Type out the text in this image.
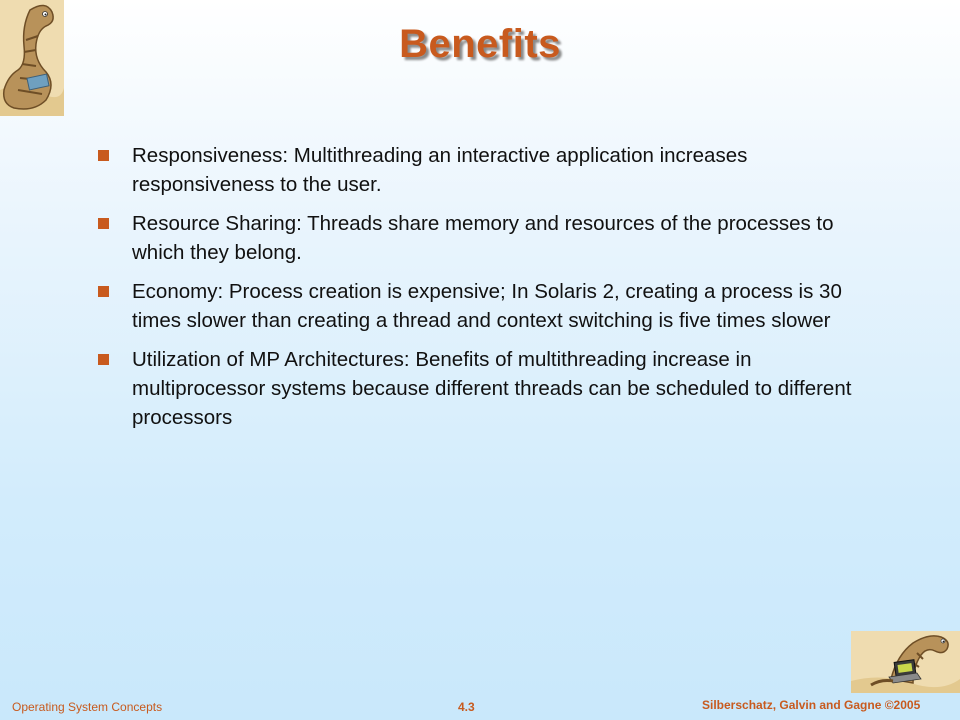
Benefits
Responsiveness: Multithreading an interactive application increases responsiveness to the user.
Resource Sharing: Threads share memory and resources of the processes to which they belong.
Economy: Process creation is expensive; In Solaris 2, creating a process is 30 times slower than creating a thread and context switching is five times slower
Utilization of MP Architectures: Benefits of multithreading increase in multiprocessor systems because different threads can be scheduled to different processors
Operating System Concepts	4.3	Silberschatz, Galvin and Gagne ©2005
